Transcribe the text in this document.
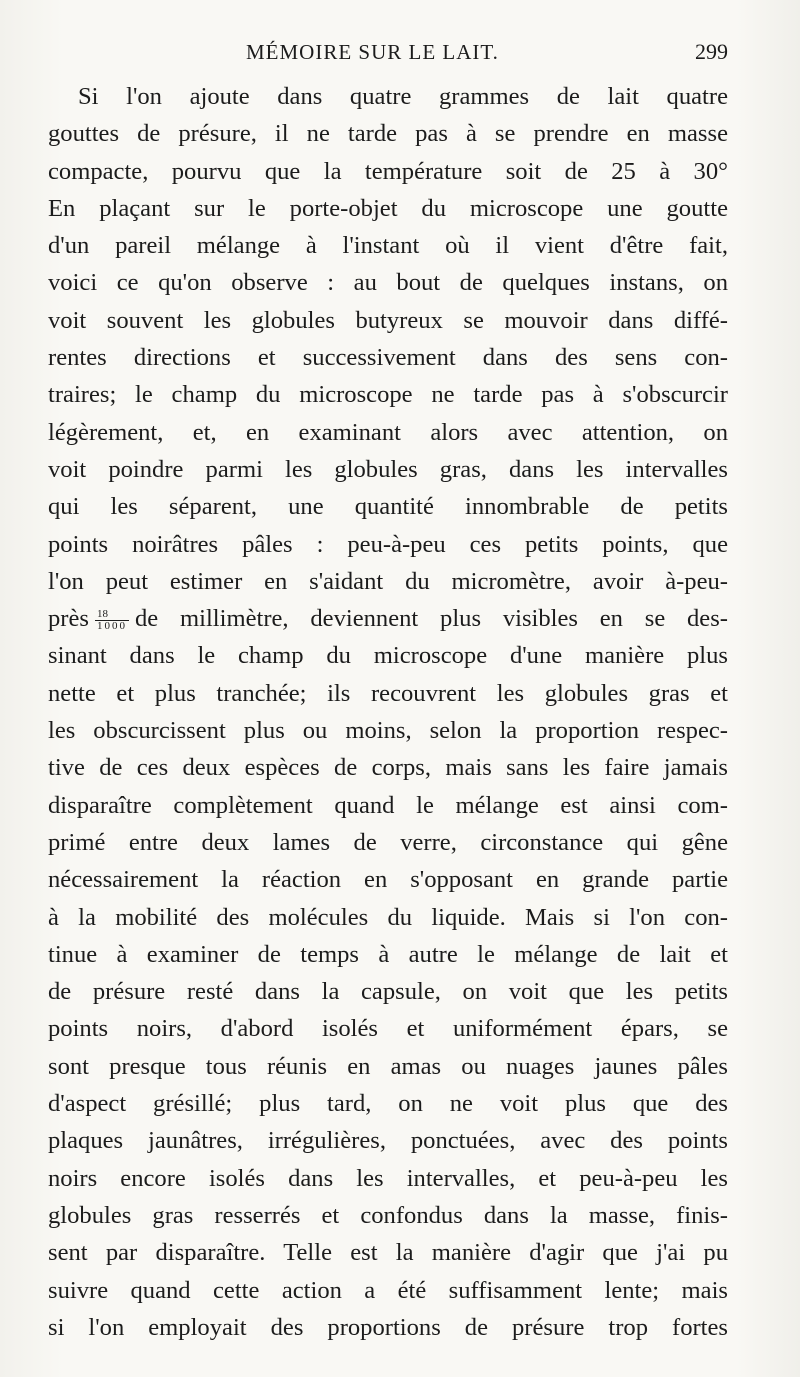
MÉMOIRE SUR LE LAIT.	299
Si l'on ajoute dans quatre grammes de lait quatre
gouttes de présure, il ne tarde pas à se prendre en masse
compacte, pourvu que la température soit de 25 à 30°
En plaçant sur le porte-objet du microscope une goutte
d'un pareil mélange à l'instant où il vient d'être fait,
voici ce qu'on observe : au bout de quelques instans, on
voit souvent les globules butyreux se mouvoir dans diffé-
rentes directions et successivement dans des sens con-
traires; le champ du microscope ne tarde pas à s'obscurcir
légèrement, et, en examinant alors avec attention, on
voit poindre parmi les globules gras, dans les intervalles
qui les séparent, une quantité innombrable de petits
points noirâtres pâles : peu-à-peu ces petits points, que
l'on peut estimer en s'aidant du micromètre, avoir à-peu-
près $\frac{18}{1000}$ de millimètre, deviennent plus visibles en se des-
sinant dans le champ du microscope d'une manière plus
nette et plus tranchée; ils recouvrent les globules gras et
les obscurcissent plus ou moins, selon la proportion respec-
tive de ces deux espèces de corps, mais sans les faire jamais
disparaître complètement quand le mélange est ainsi com-
primé entre deux lames de verre, circonstance qui gêne
nécessairement la réaction en s'opposant en grande partie
à la mobilité des molécules du liquide. Mais si l'on con-
tinue à examiner de temps à autre le mélange de lait et
de présure resté dans la capsule, on voit que les petits
points noirs, d'abord isolés et uniformément épars, se
sont presque tous réunis en amas ou nuages jaunes pâles
d'aspect grésillé; plus tard, on ne voit plus que des
plaques jaunâtres, irrégulières, ponctuées, avec des points
noirs encore isolés dans les intervalles, et peu-à-peu les
globules gras resserrés et confondus dans la masse, finis-
sent par disparaître. Telle est la manière d'agir que j'ai pu
suivre quand cette action a été suffisamment lente; mais
si l'on employait des proportions de présure trop fortes
